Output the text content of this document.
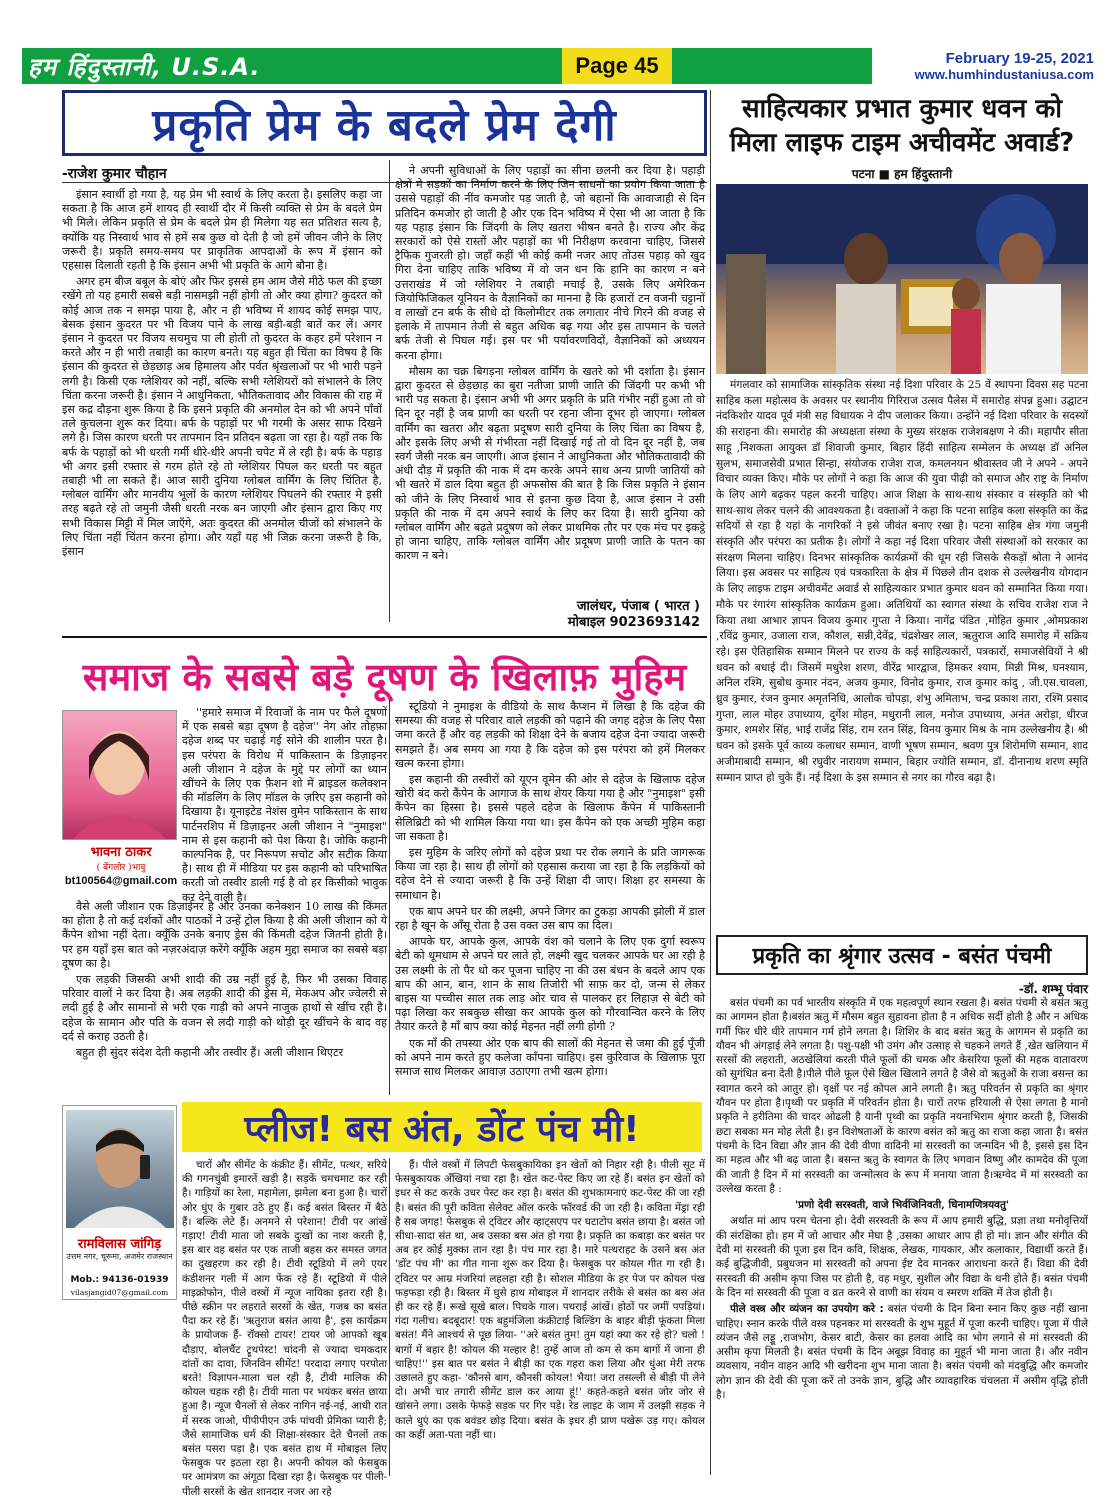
हम हिंदुस्तानी, U.S.A.	Page 45	February 19-25, 2021
www.humhindustaniusa.com
प्रकृति प्रेम के बदले प्रेम देगी
-राजेश कुमार चौहान

इंसान स्वार्थी हो गया है, यह प्रेम भी स्वार्थ के लिए करता है। इसलिए कहा जा सकता है कि आज हमें शायद ही स्वार्थी दौर में किसी व्यक्ति से प्रेम के बदले प्रेम भी मिले। लेकिन प्रकृति से प्रेम के बदले प्रेम ही मिलेगा यह सत प्रतिशत सत्य है, क्योंकि यह निस्वार्थ भाव से हमें सब कुछ वो देती है जो हमें जीवन जीने के लिए जरूरी है। प्रकृति समय-समय पर प्राकृतिक आपदाओं के रूप में इंसान को एहसास दिलाती रहती है कि इंसान अभी भी प्रकृति के आगे बौना है।

अगर हम बीज बबूल के बोएं और फिर इससे हम आम जैसे मीठे फल की इच्छा रखेंगे तो यह हमारी सबसे बड़ी नासमझी नहीं होगी तो और क्या होगा? कुदरत को कोई आज तक न समझ पाया है, और न ही भविष्य में शायद कोई समझ पाए, बेसक इंसान कुदरत पर भी विजय पाने के लाख बड़ी-बड़ी बातें कर लें। अगर इंसान ने कुदरत पर विजय सचमुच पा ली होती तो कुदरत के कहर हमें परेशान न करते और न ही भारी तबाही का कारण बनते। यह बहुत ही चिंता का विषय है कि इंसान की कुदरत से छेड़छाड़ अब हिमालय और पर्वत श्रृंखलाओं पर भी भारी पड़ने लगी है। किसी एक ग्लेशियर को नहीं, बल्कि सभी ग्लेशियरों को संभालने के लिए चिंता करना जरूरी है। इंसान ने आधुनिकता, भौतिकतावाद और विकास की राह में इस कद्र दौड़ना शुरू किया है कि इसने प्रकृति की अनमोल देन को भी अपने पाँवों तले कुचलना शुरू कर दिया। बर्फ के पहाड़ों पर भी गरमी के असर साफ दिखने लगे है। जिस कारण धरती पर तापमान दिन प्रतिदन बढ़ता जा रहा है। यहाँ तक कि बर्फ के पहाड़ों को भी धरती गर्मी धीरे-धीरे अपनी चपेट में ले रही है। बर्फ के पहाड़ भी अगर इसी रफ्तार से गरम होते रहे तो ग्लेशियर पिघल कर धरती पर बहुत तबाही भी ला सकते हैं। आज सारी दुनिया ग्लोबल वार्मिंग के लिए चिंतित है, ग्लोबल वार्मिंग और मानवीय भूलों के कारण ग्लेशियर पिघलने की रफ्तार मे इसी तरह बढ़ते रहे तो जमुनी जैसी धरती नरक बन जाएगी और इंसान द्वारा किए गए सभी विकास मिट्टी में मिल जाएँगे, अतः कुदरत की अनमोल चीजों को संभालने के लिए चिंता नहीं चिंतन करना होगा। और यहाँ यह भी जिक्र करना जरूरी है कि, इंसान

ने अपनी सुविधाओं के लिए पहाड़ों का सीना छलनी कर दिया है। पहाड़ी क्षेत्रों मे सड़कों का निर्माण करने के लिए जिन साधनों का प्रयोग किया जाता है उससे पहाड़ों की नींव कमजोर पड़ जाती है, जो बहानों कि आवाजाही से दिन प्रतिदिन कमजोर हो जाती है और एक दिन भविष्य में ऐसा भी आ जाता है कि यह पहाड़ इंसान कि जिंदगी के लिए खतरा भीषन बनते है। राज्य और केंद्र सरकारों को ऐसे रास्तों और पहाड़ों का भी निरीक्षण करवाना चाहिए, जिससे ट्रैफिक गुजरती हो। जहाँ कहीं भी कोई कमी नजर आए तोउस पहाड़ को खुद गिरा देना चाहिए ताकि भविष्य में वो जन धन कि हानि का कारण न बने उत्तराखंड में जो ग्लेशियर ने तबाही मचाई है, उसके लिए अमेरिकन जियोफिजिकल यूनियन के वैज्ञानिकों का मानना है कि हजारों टन वजनी चट्टानों व लाखों टन बर्फ के सीधे दो किलोमीटर तक लगातार नीचे गिरने की वजह से इलाके में तापमान तेजी से बहुत अधिक बढ़ गया और इस तापमान के चलते बर्फ तेजी से पिघल गई। इस पर भी पर्यावरणविदों, वैज्ञानिकों को अध्ययन करना होगा।

मौसम का चक्र बिगड़ना ग्लोबल वार्मिंग के खतरे को भी दर्शाता है। इंसान द्वारा कुदरत से छेड़छाड़ का बुरा नतीजा प्राणी जाति की जिंदगी पर कभी भी भारी पड़ सकता है। इंसान अभी भी अगर प्रकृति के प्रति गंभीर नहीं हुआ तो वो दिन दूर नहीं है जब प्राणी का धरती पर रहना जीना दूभर हो जाएगा। ग्लोबल वार्मिंग का खतरा और बढ़ता प्रदूषण सारी दुनिया के लिए चिंता का विषय है, और इसके लिए अभी से गंभीरता नहीं दिखाई गई तो वो दिन दूर नहीं है, जब स्वर्ग जैसी नरक बन जाएगी। आज इंसान ने आधुनिकता और भौतिकतावादी की अंधी दौड़ में प्रकृति की नाक में दम करके अपने साथ अन्य प्राणी जातियों को भी खतरे में डाल दिया बहुत ही अफसोस की बात है कि जिस प्रकृति ने इंसान को जीने के लिए निस्वार्थ भाव से इतना कुछ दिया है, आज इंसान ने उसी प्रकृति की नाक में दम अपने स्वार्थ के लिए कर दिया है। सारी दुनिया को ग्लोबल वार्मिंग और बढ़ते प्रदूषण को लेकर प्राथमिक तौर पर एक मंच पर इकट्ठे हो जाना चाहिए, ताकि ग्लोबल वार्मिंग और प्रदूषण प्राणी जाति के पतन का कारण न बने।

जालंधर, पंजाब ( भारत )
मोबाइल 9023693142
साहित्यकार प्रभात कुमार धवन को मिला लाइफ टाइम अचीवमेंट अवार्ड?
पटना ■ हम हिंदुस्तानी

मंगलवार को सामाजिक सांस्कृतिक संस्था नई दिशा परिवार के 25 वें स्थापना दिवस सह पटना साहिब कला महोत्सव के अवसर पर स्थानीय गिरिराज उत्सव पैलेस में समारोह संपन्न हुआ। उद्घाटन नंदकिशोर यादव पूर्व मंत्री सह विधायक ने दीप जलाकर किया। उन्होंने नई दिशा परिवार के सदस्यों की सराहना की। समारोह की अध्यक्षता संस्था के मुख्य संरक्षक राजेशबक्षण ने की। महापौर सीता साहू ,निशकता आयुक्त डॉ शिवाजी कुमार, बिहार हिंदी साहित्य सम्मेलन के अध्यक्ष डॉ अनिल सुलभ, समाजसेवी प्रभात सिन्हा, संयोजक राजेश राज, कमलनयन श्रीवास्तव जी ने अपने - अपने विचार व्यक्त किए। मौके पर लोगों ने कहा कि आज की युवा पीढ़ी को समाज और राष्ट्र के निर्माण के लिए आगे बढ़कर पहल करनी चाहिए। आज शिक्षा के साथ-साथ संस्कार व संस्कृति को भी साथ-साथ लेकर चलने की आवश्यकता है। वक्ताओं ने कहा कि पटना साहिब कला संस्कृति का केंद्र सदियों से रहा है यहां के नागरिकों ने इसे जीवंत बनाए रखा है। पटना साहिब क्षेत्र गंगा जमुनी संस्कृति और परंपरा का प्रतीक है। लोगों ने कहा नई दिशा परिवार जैसी संस्थाओं को सरकार का संरक्षण मिलना चाहिए। दिनभर सांस्कृतिक कार्यक्रमों की धूम रही जिसके सैकड़ों श्रोता ने आनंद लिया। इस अवसर पर साहित्य एवं पत्रकारिता के क्षेत्र में पिछले तीन दशक से उल्लेखनीय योगदान के लिए लाइफ टाइम अचीवमेंट अवार्ड से साहित्यकार प्रभात कुमार धवन को सम्मानित किया गया। मौके पर रंगारंग सांस्कृतिक कार्यक्रम हुआ। अतिथियों का स्वागत संस्था के सचिव राजेश राज ने किया तथा आभार ज्ञापन विजय कुमार गुप्ता ने किया। नागेंद्र पंडित ,मोहित कुमार ,ओमप्रकाश ,रविंद्र कुमार, उजाला राज, कौशल, सन्नी,देवेंद्र, चंद्रशेखर लाल, ऋतुराज आदि समारोह में सक्रिय रहे। इस ऐतिहासिक सम्मान मिलने पर राज्य के कई साहित्यकारों, पत्रकारों, समाजसेवियों ने श्री धवन को बधाई दी। जिसमें मधुरेश शरण, वीरेंद्र भारद्वाज, हिमकर श्याम, मिन्नी मिश्र, घनश्याम, अनिल रश्मि, सुबोध कुमार नंदन, अजय कुमार, विनोद कुमार, राज कुमार कांदु , जी.एस.चावला, ध्रुव कुमार, रंजन कुमार अमृतनिधि, आलोक चोपड़ा, शंभु अमिताभ, चन्द्र प्रकाश तारा, रश्मि प्रसाद गुप्ता, लाल मोहर उपाध्याय, दुर्गेश मोहन, मधुरानी लाल, मनोज उपाध्याय, अनंत अरोड़ा, धीरज कुमार, शमशेर सिंह, भाई राजेंद्र सिंह, राम रतन सिंह, विनय कुमार मिश्र के नाम उल्लेखनीय है। श्री धवन को इसके पूर्व काव्य कलाधर सम्मान, वाणी भूषण सम्मान, श्रवण पुत्र शिरोमणि सम्मान, शाद अजीमाबादी सम्मान, श्री रघुवीर नारायण सम्मान, बिहार ज्योति सम्मान, डॉ. दीनानाथ शरण स्मृति सम्मान प्राप्त हो चुके हैं। नई दिशा के इस सम्मान से नगर का गौरव बढ़ा है।

प्रकृति का श्रृंगार उत्सव - बसंत पंचमी
-डॉ. शम्भू पंवार

बसंत पंचमी का पर्व भारतीय संस्कृति में एक महत्वपूर्ण स्थान रखता है। बसंत पंचमी से बसंत ऋतु का आगमन होता है।बसंत ऋतु में मौसम बहुत सुहावना होता है न अधिक सर्दी होती है और न अधिक गर्मी फिर धीरे धीरे तापमान गर्म होने लगता है। शिशिर के बाद बसंत ऋतु के आगमन से प्रकृति का यौवन भी अंगड़ाई लेने लगता है। पशु-पक्षी भी उमंग और उत्साह से चहकने लगते हैं ,खेत खलियान में सरसों की लहराती, अठखेलियां करती पीले फूलों की चमक और केसरिया फूलों की महक वातावरण को सुगंधित बना देती है।पीले पीले फूल ऐसे खिल खिलाने लगते है जैसे वो ऋतुओं के राजा बसन्त का स्वागत करने को आतुर हो। वृक्षों पर नई कोपल आने लगती है। ऋतु परिवर्तन से प्रकृति का श्रृंगार यौवन पर होता है।पृथ्वी पर प्रकृति में परिवर्तन होता है। चारों तरफ हरियाली से ऐसा लगता है मानो प्रकृति ने हरीतिमा की चादर ओढली है यानी पृथ्वी का प्रकृति नयनाभिराम श्रृंगार करती है, जिसकी छटा सबका मन मोह लेती है। इन विशेषताओं के कारण बसंत को ऋतु का राजा कहा जाता है। बसंत पंचमी के दिन विद्या और ज्ञान की देवी वीणा वादिनी मां सरस्वती का जन्मदिन भी है, इससे इस दिन का महत्व और भी बढ़ जाता है। बसन्त ऋतु के स्वागत के लिए भगवान विष्णु और कामदेव की पूजा की जाती है दिन में मां सरस्वती का जन्मोत्सव के रूप में मनाया जाता है।ऋग्वेद में मां सरस्वती का उल्लेख करता है :

'प्रणो देवी सरस्वती, वाजे भिर्वजिनिवती, धिनामणित्रयवतु'

अर्थात मां आप परम चेतना हो। देवी सरस्वती के रूप में आप हमारी बुद्धि, प्रज्ञा तथा मनोवृत्तियों की संरक्षिका हो। हम में जो आचार और मेघा है ,उसका आधार आप ही हो मां। ज्ञान और संगीत की देवी मां सरस्वती की पूजा इस दिन कवि, शिक्षक, लेखक, गायकार, और कलाकार, विद्यार्थी करते हैं। कई बुद्धिजीवी, प्रबुधजन मां सरस्वती को अपना ईष्ट देव मानकर आराधना करते हैं। विद्या की देवी सरस्वती की असीम कृपा जिस पर होती है, वह मधुर, सुशील और विद्या के धनी होते हैं। बसंत पंचमी के दिन मां सरस्वती की पूजा व व्रत करने से वाणी का संयम व स्मरण शक्ति में तेज होती है।

पीले वस्त्र और व्यंजन का उपयोग करे : बसंत पंचमी के दिन बिना स्नान किए कुछ नहीं खाना चाहिए। स्नान करके पीले वस्त्र पहनकर मां सरस्वती के शुभ मुहूर्त में पूजा करनी चाहिए। पूजा में पीले व्यंजन जैसे लड्डू ,राजभोग, केसर बाटी, केसर का हलवा आदि का भोग लगाने से मां सरस्वती की असीम कृपा मिलती है। बसंत पंचमी के दिन अबूझ विवाह का मुहूर्त भी माना जाता है। और नवीन व्यवसाय, नवीन वाहन आदि भी खरीदना शुभ माना जाता है। बसंत पंचमी को मंदबुद्धि और कमजोर लोग ज्ञान की देवी की पूजा करें तो उनके ज्ञान, बुद्धि और व्यावहारिक चंचलता में असीम वृद्धि होती है।

समाज के सबसे बड़े दूषण के खिलाफ़ मुहिम
भावना ठाकर
( बेंगलोर )भावु
bt100564@gmail.com

''हमारे समाज में रिवाजों के नाम पर फैले दूषणों में एक सबसे बड़ा दूषण है दहेज'' नेग ओर तोहफ़ा दहेज शब्द पर चढ़ाई गई सोने की शालीन परत है। इस परंपरा के विरोध में पाकिस्तान के डिज़ाइनर अली जीशान ने दहेज के मुद्दे पर लोगों का ध्यान खींचने के लिए एक फ़ैशन शो में ब्राइडल कलेक्शन की मॉडलिंग के लिए मॉडल के ज़रिए इस कहानी को दिखाया है। यूनाइटेड नेशंस वुमेन पाकिस्तान के साथ पार्टनरशिप में डिज़ाइनर अली जीशान ने "नुमाइश" नाम से इस कहानी को पेश किया है। जोकि कहानी काल्पनिक है, पर निरूपण सचोट और सटीक किया है। साथ ही में मीडिया पर इस कहानी को परिभाषित करती जो तस्वीर डाली गई है वो हर किसीको भावुक कर देने वाली है।

वैसे अली जीशान एक डिज़ाईनर है और उनका कनेक्शन 10 लाख की किंमत का होता है तो कई दर्शकों और पाठकों ने उन्हें ट्रोल किया है की अली जीशान को ये कैंपेन शोभा नहीं देता। क्यूँकि उनके बनाए ड्रेस की किंमती दहेज जितनी होती है। पर हम यहाँ इस बात को नज़रअंदाज़ करेंगे क्यूँकि अहम मुद्दा समाज का सबसे बड़ा दूषण का है।

एक लड़की जिसकी अभी शादी की उम्र नहीं हुई है, फिर भी उसका विवाह परिवार वालों ने कर दिया है। अब लड़की शादी की ड्रेस में, मेकअप और ज्वेलरी से लदी हुई है और सामानों से भरी एक गाड़ी को अपने नाजुक हाथों से खींच रही है। दहेज के सामान और पति के वजन से लदी गाड़ी को थोड़ी दूर खींचने के बाद वह दर्द से कराह उठती है।

बहुत ही सुंदर संदेश देती कहानी और तस्वीर हैं। अली जीशान थिएटर

स्टूडियो ने नुमाइश के वीडियो के साथ कैप्शन में लिखा है कि दहेज की समस्या की वजह से परिवार वाले लड़की को पढ़ाने की जगह दहेज के लिए पैसा जमा करते हैं और वह लड़की को शिक्षा देने के बजाय दहेज देना ज्यादा जरूरी समझते हैं। अब समय आ गया है कि दहेज को इस परंपरा को हमें मिलकर खत्म करना होगा।

इस कहानी की तस्वीरों को यूएन वूमेन की ओर से दहेज के खिलाफ दहेज खोरी बंद करो कैंपेन के आगाज के साथ शेयर किया गया है और "नुमाइश" इसी कैंपेन का हिस्सा है। इससे पहले दहेज के खिलाफ कैंपेन में पाकिस्तानी सेलिब्रिटी को भी शामिल किया गया था। इस कैंपेन को एक अच्छी मुहिम कहा जा सकता है।

इस मुहिम के जरिए लोगों को दहेज प्रथा पर रोक लगाने के प्रति जागरूक किया जा रहा है। साथ ही लोगों को एहसास कराया जा रहा है कि लड़कियों को दहेज देने से ज्यादा जरूरी है कि उन्हें शिक्षा दी जाए। शिक्षा हर समस्या के समाधान है।

एक बाप अपने घर की लक्ष्मी, अपने जिगर का टुकड़ा आपकी झोली में डाल रहा है खून के आँसू रोता है उस वक्त उस बाप का दिल।

आपके घर, आपके कुल, आपके वंश को चलाने के लिए एक दुर्गा स्वरूप बेटी को धूमधाम से अपने घर लाते हो, लक्ष्मी खुद चलकर आपके घर आ रही है उस लक्ष्मी के तो पैर धो कर पूजना चाहिए ना की उस बंधन के बदले आप एक बाप की आन, बान, शान के साथ तिजोरी भी साफ़ कर दो, जन्म से लेकर बाइस या पच्चीस साल तक लाड़ ओर चाव से पालकर हर लिहाज़ से बेटी को पढ़ा लिखा कर सबकुछ सीखा कर आपके कुल को गौरवान्वित करने के लिए तैयार करते है माँ बाप क्या कोई मेहनत नहीं लगी होगी ?

एक माँ की तपस्या ओर एक बाप की सालों की मेहनत से जमा की हुई पूँजी को अपने नाम करते हुए कलेजा काँपना चाहिए। इस कुरिवाज के खिलाफ़ पूरा समाज साथ मिलकर आवाज़ उठाएगा तभी खत्म होगा।

रामविलास जांगिड़
उत्तम नगर, चूरूमा, अजमेर राजस्थान
Mob.: 94136-01939
vilasjangid07@gmail.com
प्लीज! बस अंत, डोंट पंच मी!

चारों और सीमेंट के कंक्रीट हैं। सीमेंट, पत्थर, सरिये की गगनचुंबी इमारतें खड़ी है। सड़कें चमचमाट कर रही है। गाड़ियों का रेला, महामेला, झमेला बना हुआ है। चारों ओर धुंए के गुबार उठे हुए हैं। कई बसंत बिस्तर में बैठे हैं। बल्कि लेटे हैं। अनमने से परेशान! टीवी पर आंखें गड़ाए! टीवी माता जो सबके दुःखों का नाश करती है, इस बार वह बसंत पर एक ताजी बहस कर समस्त जगत का दुखहरण कर रही है। टीवी स्टूडियो में लगे एयर कंडीशनर गली में आग फेंक रहे हैं। स्टूडियो में पीले माइक्रोफोन, पीले वस्त्रों में न्यूज नायिका इतरा रही है। पीछे स्क्रीन पर लहराते सरसों के खेत, गजब का बसंत पैदा कर रहे हैं। 'ऋतुराज बसंत आया है', इस कार्यक्रम के प्रायोजक हैं- रॉक्सो टायर! टायर जो आपको खूब दौड़ाए, बोलचैंट ट्रूथपेस्ट! चांदनी से ज्यादा चमकदार दांतों का दावा, जिनविन सीमेंट! परदादा लगाए परपोता बरते! विज्ञापन-माला चल रही है, टीवी मालिक की कोयल चहक रही है। टीवी माता पर भयंकर बसंत छाया हुआ है। न्यूज चैनलों से लेकर नागिन नई-नई, आधी रात में सरक जाओ, पीपीपीएन उर्फ पांचवी प्रेमिका प्यारी है; जैसे सामाजिक धर्म की शिक्षा-संस्कार देते चैनलों तक बसंत पसरा पड़ा है। एक बसंत हाथ में मोबाइल लिए फेसबुक पर इठला रहा है। अपनी कोयल को फेसबुक पर आमंत्रण का अंगूठा दिखा रहा है। फेसबुक पर पीली-पीली सरसों के खेत शानदार नजर आ रहे

हैं। पीले वस्त्रों में लिपटी फेसबुकायिका इन खेतों को निहार रही है। पीली सूट में फेसबुकायक अँखियां नचा रहा है। खेत कट-पेस्ट किए जा रहे हैं। बसंत इन खेतों को इधर से कट करके उधर पेस्ट कर रहा है। बसंत की शुभकामनाएं कट-पेस्ट की जा रही है। बसंत की पूरी कविता सेलेक्ट ऑल करके फॉरवर्ड की जा रही है। कविता मेंड्रा रही है सब जगह! फेसबुक से ट्विटर और व्हाट्सएप पर घटाटोप बसंत छाया है। बसंत जो सीधा-सादा संत था, अब उसका बस अंत हो गया है। प्रकृति का कबाड़ा कर बसंत पर अब हर कोई मुक्का तान रहा है। पंच मार रहा है। मारे पत्थराहट के उसने बस अंत 'डोंट पंच मी' का गीत गाना शुरू कर दिया है। फेसबुक पर कोयल गीत गा रही है। ट्विटर पर आम्र मंजरियां लहलहा रही है। सोशल मीडिया के हर पेज पर कोयल पंख फड़फड़ा रही है। बिस्तर में घुसे हाथ मोबाइल में शानदार तरीके से बसंत का बस अंत ही कर रहे हैं। रूखे सूखे बाल। पिचके गाल। पथराई आंखें। होठों पर जमीं पपड़ियां। गंदा गलीच। बदबूदार! एक बहुमंजिला कंक्रीटाई बिल्डिंग के बाहर बीड़ी फूंकता मिला बसंत! मैंने आश्चर्य से पूछ लिया- ''अरे बसंत तुम! तुम यहां क्या कर रहे हो? चलो ! बागों में बहार है! कोयल की मल्हार है! तुम्हें आज तो कम से कम बागों में जाना ही चाहिए!'' इस बात पर बसंत ने बीड़ी का एक गहरा कश लिया और धुंआ मेरी तरफ उछालते हुए कहा- 'कौनसे बाग, कौनसी कोयल! भैया! जरा तसल्ली से बीड़ी पी लेने दो। अभी चार तगारी सीमेंट डाल कर आया हूं!' कहते-कहते बसंत जोर जोर से खांसने लगा। उसके फेफड़े सड़क पर गिर पड़े। रेड लाइट के जाम में उलझी सड़क ने काले धुएं का एक बवंडर छोड़ दिया। बसंत के इधर ही प्राण पखेरू उड़ गए। कोयल का कहीं अता-पता नहीं था।
